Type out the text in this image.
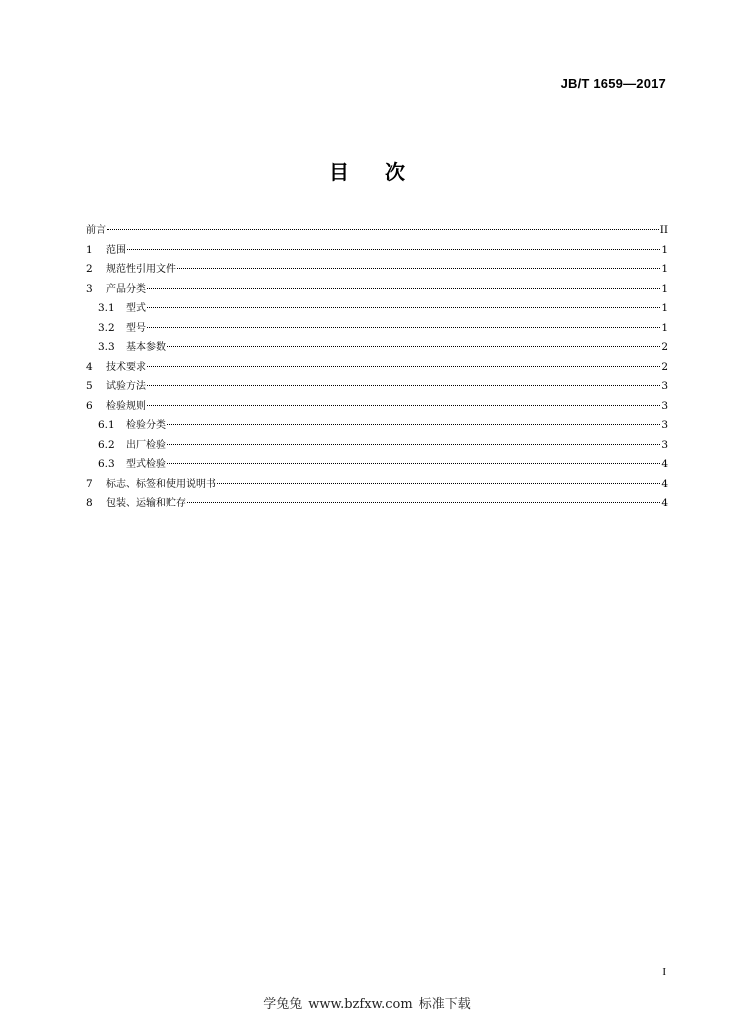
JB/T 1659—2017
目 次
前言	II
1	范围	1
2	规范性引用文件	1
3	产品分类	1
3.1	型式	1
3.2	型号	1
3.3	基本参数	2
4	技术要求	2
5	试验方法	3
6	检验规则	3
6.1	检验分类	3
6.2	出厂检验	3
6.3	型式检验	4
7	标志、标签和使用说明书	4
8	包装、运输和贮存	4
I
学兔兔 www.bzfxw.com 标准下载
